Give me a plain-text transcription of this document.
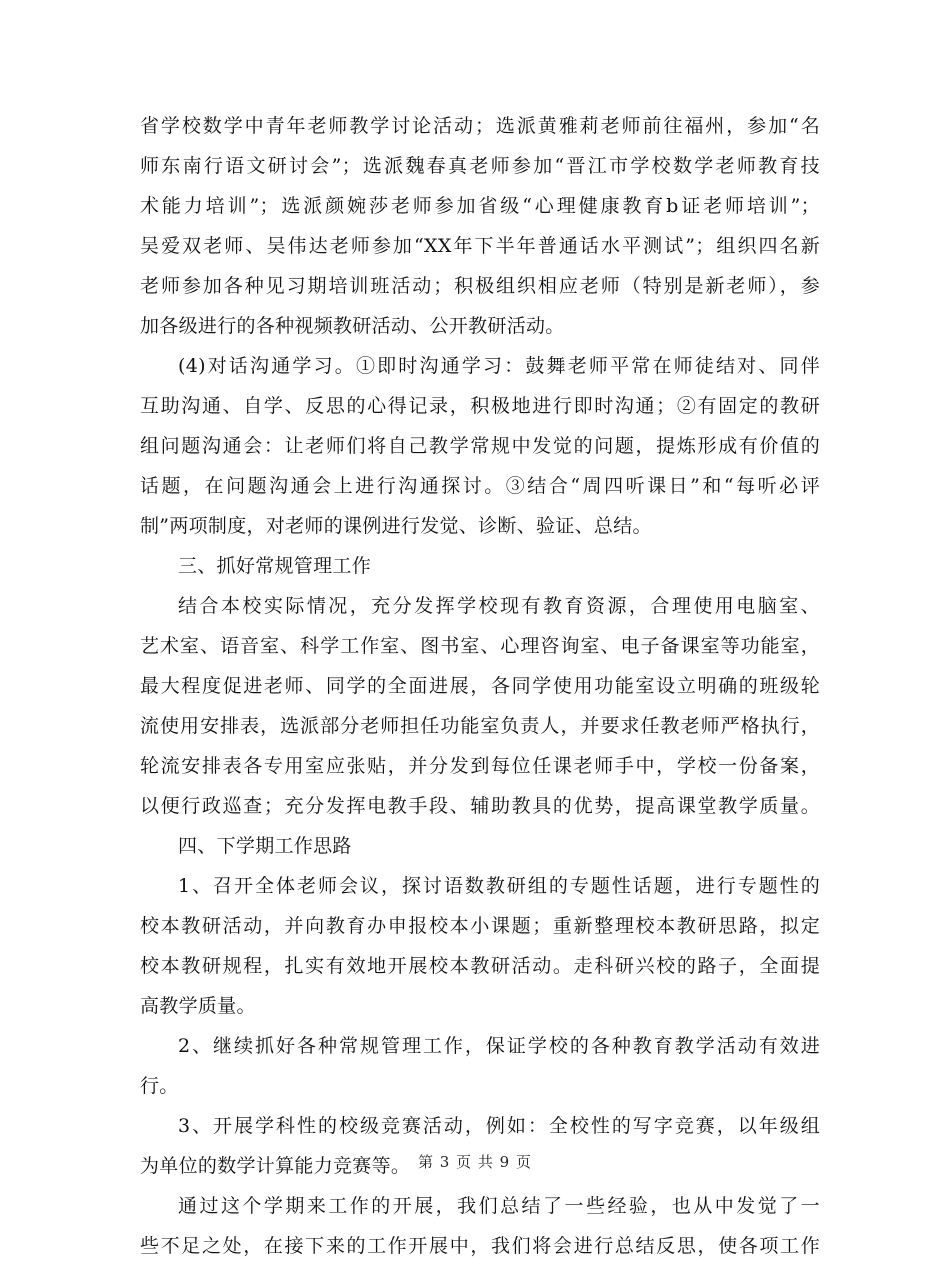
省学校数学中青年老师教学讨论活动；选派黄雅莉老师前往福州，参加“名
师东南行语文研讨会”；选派魏春真老师参加“晋江市学校数学老师教育技
术能力培训”；选派颜婉莎老师参加省级“心理健康教育b证老师培训”；
吴爱双老师、吴伟达老师参加“XX年下半年普通话水平测试”；组织四名新
老师参加各种见习期培训班活动；积极组织相应老师（特别是新老师），参
加各级进行的各种视频教研活动、公开教研活动。
(4)对话沟通学习。①即时沟通学习：鼓舞老师平常在师徒结对、同伴
互助沟通、自学、反思的心得记录，积极地进行即时沟通；②有固定的教研
组问题沟通会：让老师们将自己教学常规中发觉的问题，提炼形成有价值的
话题，在问题沟通会上进行沟通探讨。③结合“周四听课日”和“每听必评
制”两项制度，对老师的课例进行发觉、诊断、验证、总结。
三、抓好常规管理工作
结合本校实际情况，充分发挥学校现有教育资源，合理使用电脑室、
艺术室、语音室、科学工作室、图书室、心理咨询室、电子备课室等功能室，
最大程度促进老师、同学的全面进展，各同学使用功能室设立明确的班级轮
流使用安排表，选派部分老师担任功能室负责人，并要求任教老师严格执行，
轮流安排表各专用室应张贴，并分发到每位任课老师手中，学校一份备案，
以便行政巡查；充分发挥电教手段、辅助教具的优势，提高课堂教学质量。
四、下学期工作思路
1、召开全体老师会议，探讨语数教研组的专题性话题，进行专题性的
校本教研活动，并向教育办申报校本小课题；重新整理校本教研思路，拟定
校本教研规程，扎实有效地开展校本教研活动。走科研兴校的路子，全面提
高教学质量。
2、继续抓好各种常规管理工作，保证学校的各种教育教学活动有效进
行。
3、开展学科性的校级竞赛活动，例如：全校性的写字竞赛，以年级组
为单位的数学计算能力竞赛等。
通过这个学期来工作的开展，我们总结了一些经验，也从中发觉了一
些不足之处，在接下来的工作开展中，我们将会进行总结反思，使各项工作
第 3 页 共 9 页
